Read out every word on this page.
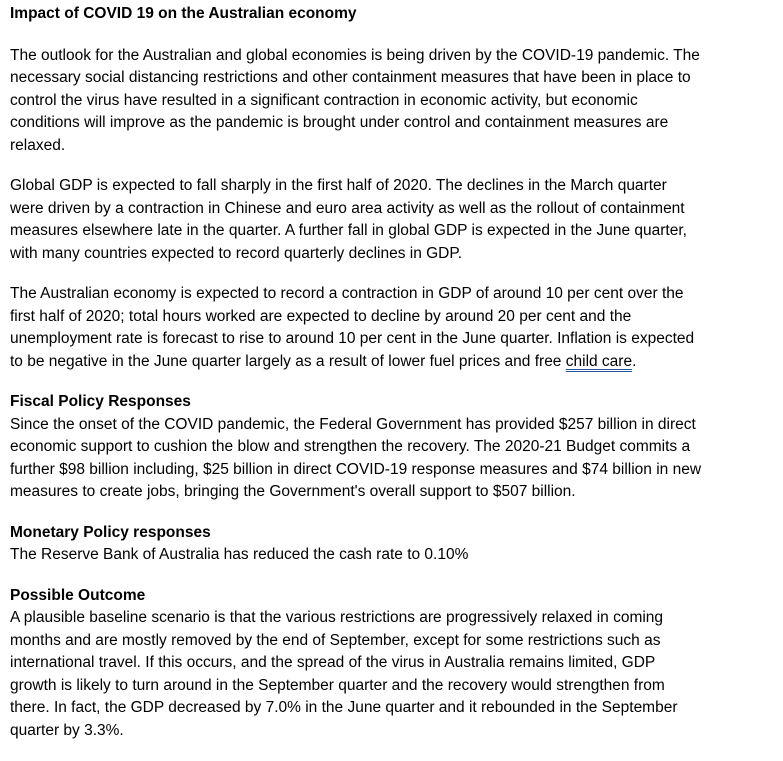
Impact of COVID 19 on the Australian economy

The outlook for the Australian and global economies is being driven by the COVID-19 pandemic. The
necessary social distancing restrictions and other containment measures that have been in place to
control the virus have resulted in a significant contraction in economic activity, but economic
conditions will improve as the pandemic is brought under control and containment measures are
relaxed.
Global GDP is expected to fall sharply in the first half of 2020. The declines in the March quarter
were driven by a contraction in Chinese and euro area activity as well as the rollout of containment
measures elsewhere late in the quarter. A further fall in global GDP is expected in the June quarter,
with many countries expected to record quarterly declines in GDP.
The Australian economy is expected to record a contraction in GDP of around 10 per cent over the
first half of 2020; total hours worked are expected to decline by around 20 per cent and the
unemployment rate is forecast to rise to around 10 per cent in the June quarter. Inflation is expected
to be negative in the June quarter largely as a result of lower fuel prices and free child care.

Fiscal Policy Responses

Since the onset of the COVID pandemic, the Federal Government has provided $257 billion in direct
economic support to cushion the blow and strengthen the recovery. The 2020-21 Budget commits a
further $98 billion including, $25 billion in direct COVID-19 response measures and $74 billion in new
measures to create jobs, bringing the Government's overall support to $507 billion.

Monetary Policy responses

The Reserve Bank of Australia has reduced the cash rate to 0.10%

Possible Outcome

A plausible baseline scenario is that the various restrictions are progressively relaxed in coming
months and are mostly removed by the end of September, except for some restrictions such as
international travel. If this occurs, and the spread of the virus in Australia remains limited, GDP
growth is likely to turn around in the September quarter and the recovery would strengthen from
there. In fact, the GDP decreased by 7.0% in the June quarter and it rebounded in the September
quarter by 3.3%.
